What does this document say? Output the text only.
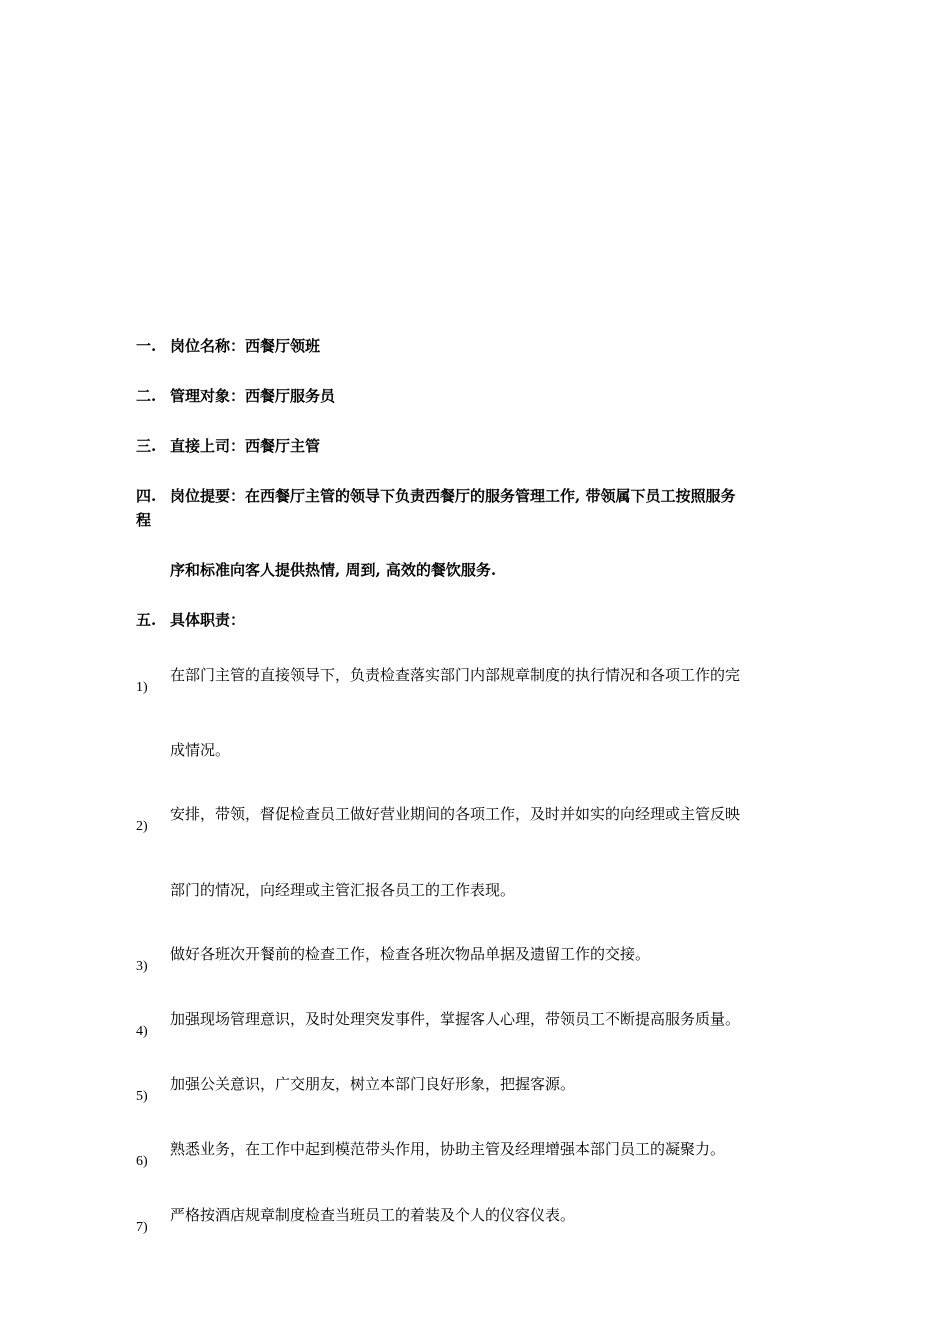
一. 岗位名称：西餐厅领班
二. 管理对象：西餐厅服务员
三. 直接上司：西餐厅主管
四. 岗位提要：在西餐厅主管的领导下负责西餐厅的服务管理工作, 带领属下员工按照服务
程
序和标准向客人提供热情, 周到, 高效的餐饮服务.
五. 具体职责：
1)
在部门主管的直接领导下，负责检查落实部门内部规章制度的执行情况和各项工作的完
成情况。
2)
安排，带领，督促检查员工做好营业期间的各项工作，及时并如实的向经理或主管反映
部门的情况，向经理或主管汇报各员工的工作表现。
3)
做好各班次开餐前的检查工作，检查各班次物品单据及遗留工作的交接。
4)
加强现场管理意识，及时处理突发事件，掌握客人心理，带领员工不断提高服务质量。
5)
加强公关意识，广交朋友，树立本部门良好形象，把握客源。
6)
熟悉业务，在工作中起到模范带头作用，协助主管及经理增强本部门员工的凝聚力。
7)
严格按酒店规章制度检查当班员工的着装及个人的仪容仪表。
